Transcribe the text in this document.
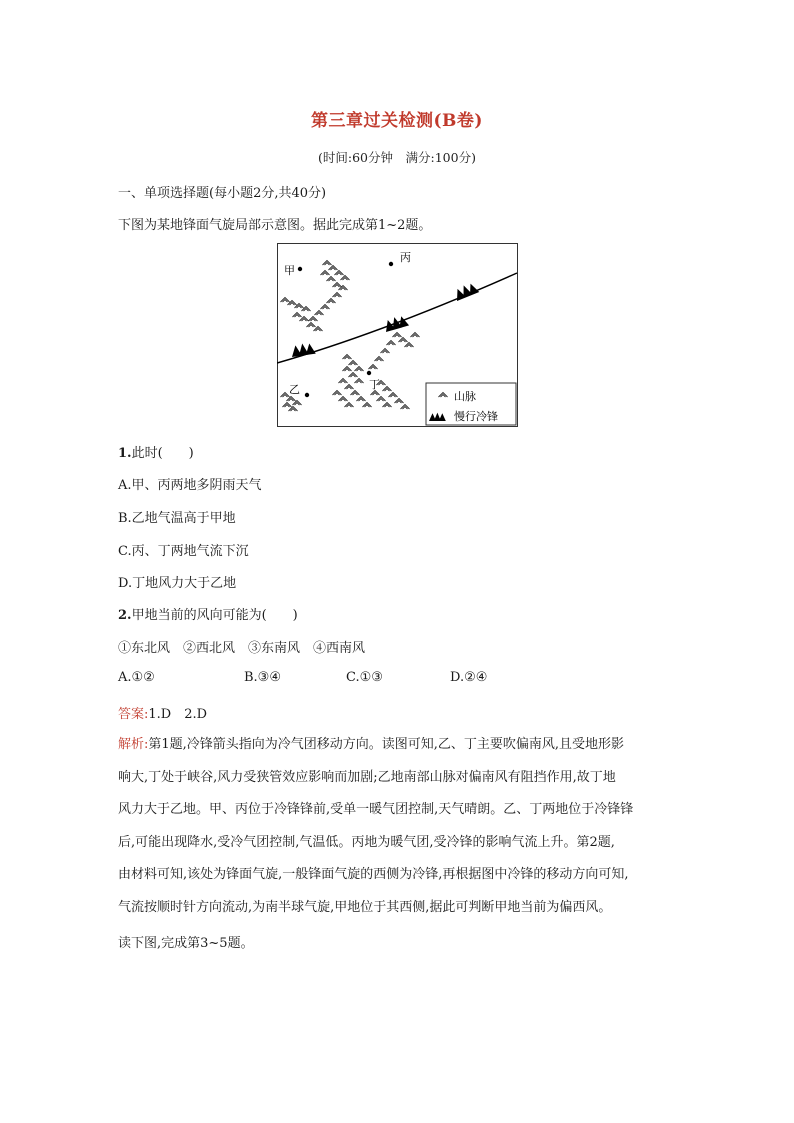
第三章过关检测(B卷)
(时间:60分钟　满分:100分)
一、单项选择题(每小题2分,共40分)
下图为某地锋面气旋局部示意图。据此完成第1~2题。
甲
丙
丁
乙
山脉
慢行冷锋
1.此时(　　)
A.甲、丙两地多阴雨天气
B.乙地气温高于甲地
C.丙、丁两地气流下沉
D.丁地风力大于乙地
2.甲地当前的风向可能为(　　)
①东北风　②西北风　③东南风　④西南风
A.①②	B.③④	C.①③	D.②④
答案:1.D　2.D
解析:第1题,冷锋箭头指向为冷气团移动方向。读图可知,乙、丁主要吹偏南风,且受地形影
响大,丁处于峡谷,风力受狭管效应影响而加剧;乙地南部山脉对偏南风有阻挡作用,故丁地
风力大于乙地。甲、丙位于冷锋锋前,受单一暖气团控制,天气晴朗。乙、丁两地位于冷锋锋
后,可能出现降水,受冷气团控制,气温低。丙地为暖气团,受冷锋的影响气流上升。第2题,
由材料可知,该处为锋面气旋,一般锋面气旋的西侧为冷锋,再根据图中冷锋的移动方向可知,
气流按顺时针方向流动,为南半球气旋,甲地位于其西侧,据此可判断甲地当前为偏西风。
读下图,完成第3~5题。
